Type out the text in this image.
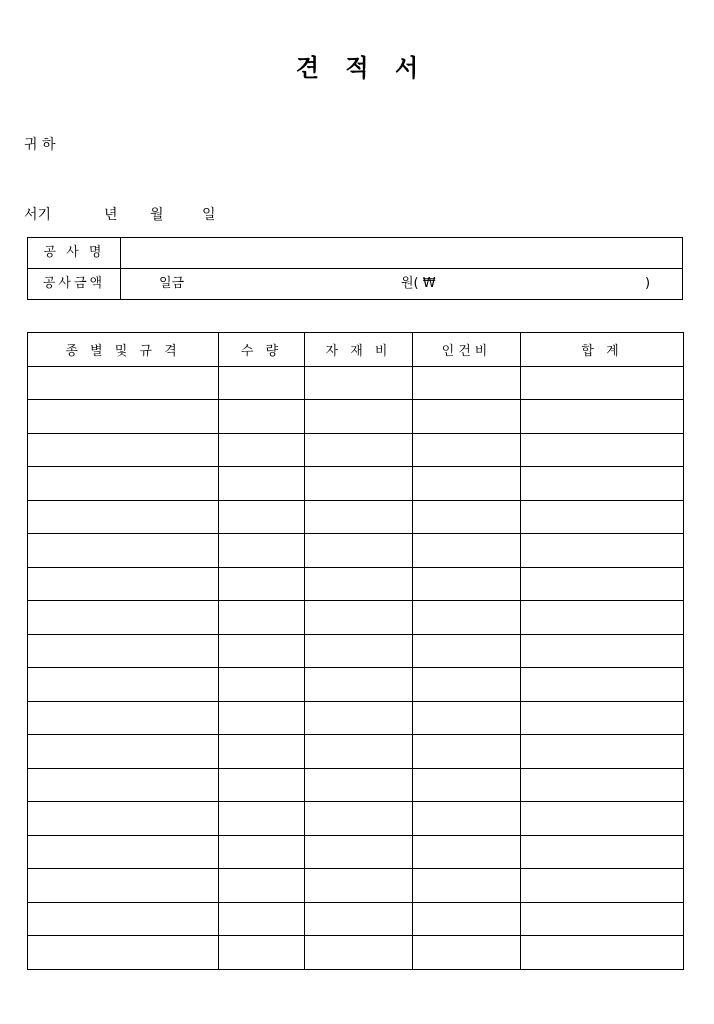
견 적 서
귀 하
서기	년 월	일
공 사 명	
공사금액	일금 원( ₩ )
종 별 및 규 격	수 량	자 재 비	인건비	합 계
